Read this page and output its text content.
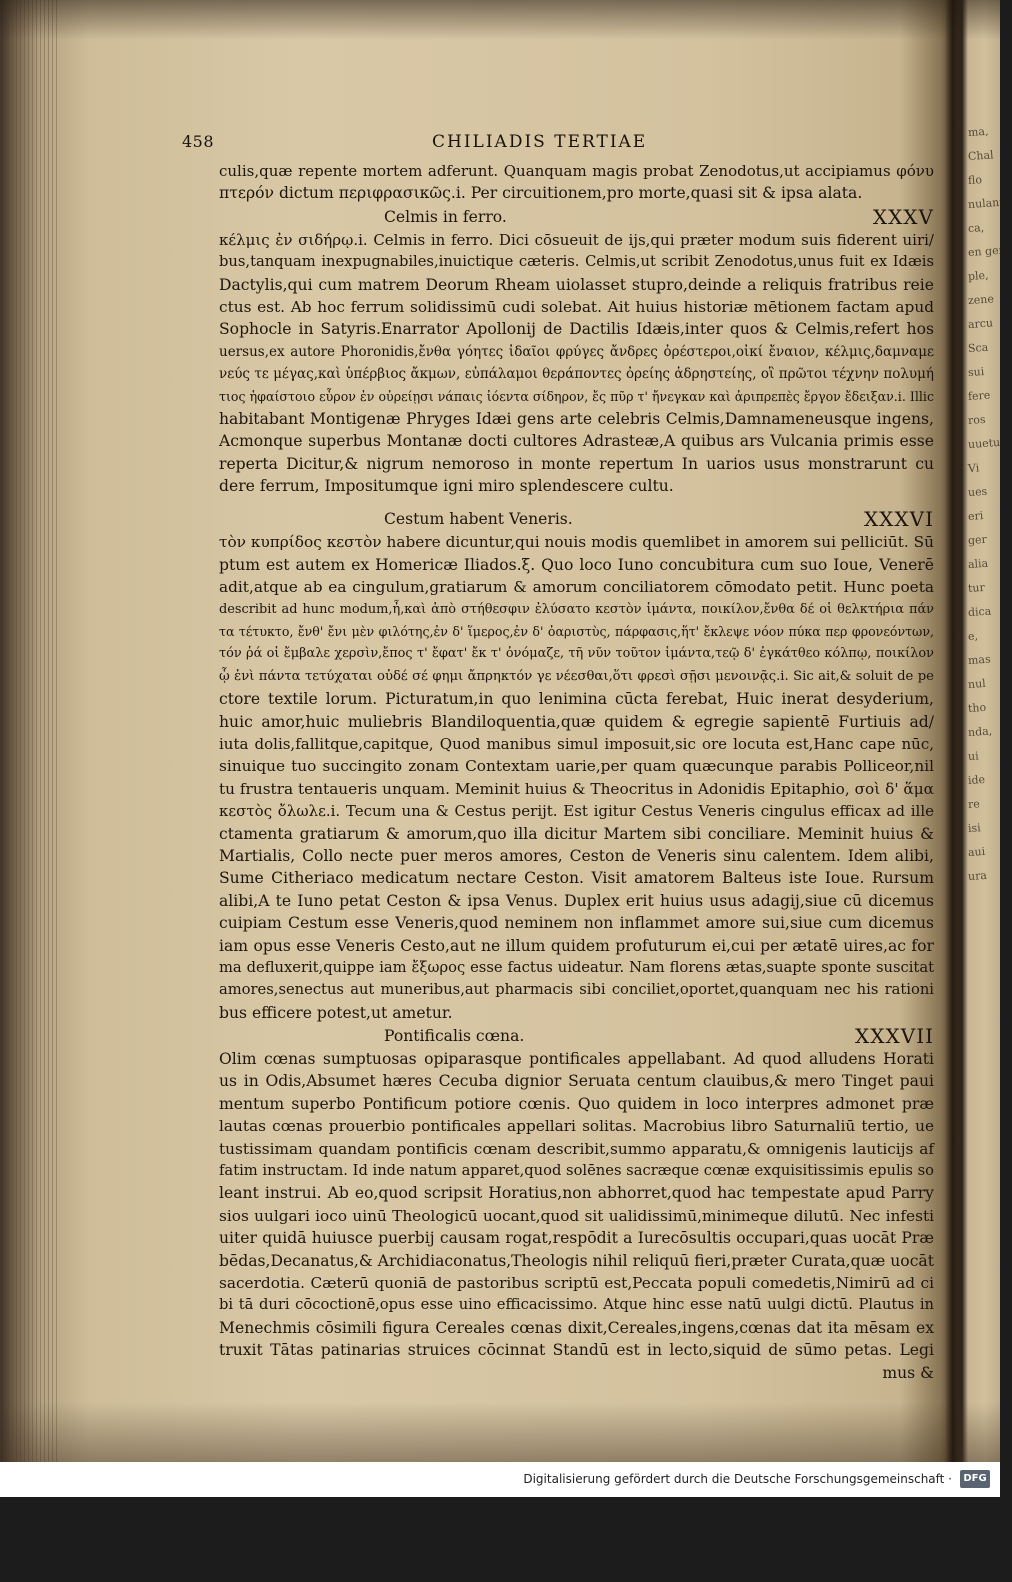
ma,
Chal
flo
nulant
ca,
en gens
ple,
zene
arcu
Sca
sui
fere
ros
uuetu
Vi
ues
eri
ger
alia
tur
dica
e,
mas
nul
tho
nda,
ui
ide
re
isi
aui
ura
458	CHILIADIS TERTIAE
culis,quæ repente mortem adferunt. Quanquam magis probat Zenodotus,ut accipiamus φόνυ
πτερόν dictum περιφρασικῶς.i. Per circuitionem,pro morte,quasi sit & ipsa alata.
Celmis in ferro.	XXXV
κέλμις ἐν σιδήρῳ.i. Celmis in ferro. Dici cōsueuit de ijs,qui præter modum suis fiderent uiri/
bus,tanquam inexpugnabiles,inuictique cæteris. Celmis,ut scribit Zenodotus,unus fuit ex Idæis
Dactylis,qui cum matrem Deorum Rheam uiolasset stupro,deinde a reliquis fratribus reie
ctus est. Ab hoc ferrum solidissimū cudi solebat. Ait huius historiæ mētionem factam apud
Sophocle in Satyris.Enarrator Apollonij de Dactilis Idæis,inter quos & Celmis,refert hos
uersus,ex autore Phoronidis,ἔνθα γόητες ἰδαῖοι φρύγες ἄνδρες ὀρέστεροι,οἰκί ἔναιον, κέλμις,δαμναμε
νεύς τε μέγας,καὶ ὑπέρβιος ἄκμων, εὐπάλαμοι θεράποντες ὀρείης ἀδρηστείης, οἳ πρῶτοι τέχνην πολυμή
τιος ἡφαίστοιο εὗρον ἐν οὐρείῃσι νάπαις ἰόεντα σίδηρον, ἔς πῦρ τ' ἤνεγκαν καὶ ἀριπρεπὲς ἔργον ἔδειξαν.i. Illic
habitabant Montigenæ Phryges Idæi gens arte celebris Celmis,Damnameneusque ingens,
Acmonque superbus Montanæ docti cultores Adrasteæ,A quibus ars Vulcania primis esse
reperta Dicitur,& nigrum nemoroso in monte repertum In uarios usus monstrarunt cu
dere ferrum, Impositumque igni miro splendescere cultu.
Cestum habent Veneris.	XXXVI
τὸν κυπρίδος κεστὸν habere dicuntur,qui nouis modis quemlibet in amorem sui pelliciūt. Sū
ptum est autem ex Homericæ Iliados.ξ. Quo loco Iuno concubitura cum suo Ioue, Venerē
adit,atque ab ea cingulum,gratiarum & amorum conciliatorem cōmodato petit. Hunc poeta
describit ad hunc modum,ἦ,καὶ ἀπὸ στήθεσφιν ἐλύσατο κεστὸν ἱμάντα, ποικίλον,ἔνθα δέ οἱ θελκτήρια πάν
τα τέτυκτο, ἔνθ' ἔνι μὲν φιλότης,ἐν δ' ἵμερος,ἐν δ' ὀαριστὺς, πάρφασις,ἥτ' ἔκλεψε νόον πύκα περ φρονεόντων,
τόν ῥά οἱ ἔμβαλε χερσὶν,ἔπος τ' ἔφατ' ἔκ τ' ὀνόμαζε, τῆ νῦν τοῦτον ἱμάντα,τεῷ δ' ἐγκάτθεο κόλπῳ, ποικίλον
ᾧ ἐνὶ πάντα τετύχαται οὐδέ σέ φημι ἄπρηκτόν γε νέεσθαι,ὅτι φρεσὶ σῇσι μενοινᾷς.i. Sic ait,& soluit de pe
ctore textile lorum. Picturatum,in quo lenimina cūcta ferebat, Huic inerat desyderium,
huic amor,huic muliebris Blandiloquentia,quæ quidem & egregie sapientē Furtiuis ad/
iuta dolis,fallitque,capitque, Quod manibus simul imposuit,sic ore locuta est,Hanc cape nūc,
sinuique tuo succingito zonam Contextam uarie,per quam quæcunque parabis Polliceor,nil
tu frustra tentaueris unquam. Meminit huius & Theocritus in Adonidis Epitaphio, σοὶ δ' ἅμα
κεστὸς ὄλωλε.i. Tecum una & Cestus perijt. Est igitur Cestus Veneris cingulus efficax ad ille
ctamenta gratiarum & amorum,quo illa dicitur Martem sibi conciliare. Meminit huius &
Martialis, Collo necte puer meros amores, Ceston de Veneris sinu calentem. Idem alibi,
Sume Citheriaco medicatum nectare Ceston. Visit amatorem Balteus iste Ioue. Rursum
alibi,A te Iuno petat Ceston & ipsa Venus. Duplex erit huius usus adagij,siue cū dicemus
cuipiam Cestum esse Veneris,quod neminem non inflammet amore sui,siue cum dicemus
iam opus esse Veneris Cesto,aut ne illum quidem profuturum ei,cui per ætatē uires,ac for
ma defluxerit,quippe iam ἔξωρος esse factus uideatur. Nam florens ætas,suapte sponte suscitat
amores,senectus aut muneribus,aut pharmacis sibi conciliet,oportet,quanquam nec his rationi
bus efficere potest,ut ametur.
Pontificalis cœna.	XXXVII
Olim cœnas sumptuosas opiparasque pontificales appellabant. Ad quod alludens Horati
us in Odis,Absumet hæres Cecuba dignior Seruata centum clauibus,& mero Tinget paui
mentum superbo Pontificum potiore cœnis. Quo quidem in loco interpres admonet præ
lautas cœnas prouerbio pontificales appellari solitas. Macrobius libro Saturnaliū tertio, ue
tustissimam quandam pontificis cœnam describit,summo apparatu,& omnigenis lauticijs af
fatim instructam. Id inde natum apparet,quod solēnes sacræque cœnæ exquisitissimis epulis so
leant instrui. Ab eo,quod scripsit Horatius,non abhorret,quod hac tempestate apud Parry
sios uulgari ioco uinū Theologicū uocant,quod sit ualidissimū,minimeque dilutū. Nec infesti
uiter quidā huiusce puerbij causam rogat,respōdit a Iurecōsultis occupari,quas uocāt Præ
bēdas,Decanatus,& Archidiaconatus,Theologis nihil reliquū fieri,præter Curata,quæ uocāt
sacerdotia. Cæterū quoniā de pastoribus scriptū est,Peccata populi comedetis,Nimirū ad ci
bi tā duri cōcoctionē,opus esse uino efficacissimo. Atque hinc esse natū uulgi dictū. Plautus in
Menechmis cōsimili figura Cereales cœnas dixit,Cereales,ingens,cœnas dat ita mēsam ex
truxit Tātas patinarias struices cōcinnat Standū est in lecto,siquid de sūmo petas. Legi
mus &
Digitalisierung gefördert durch die Deutsche Forschungsgemeinschaft ·	DFG
